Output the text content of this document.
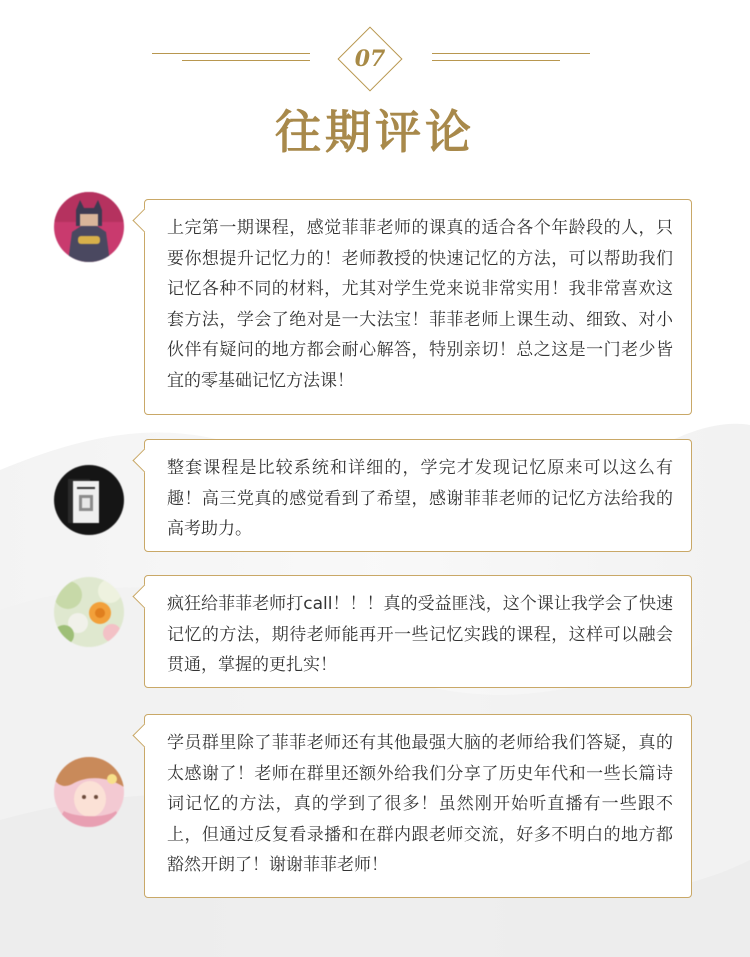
07
往期评论
上完第一期课程，感觉菲菲老师的课真的适合各个年龄段的人，只要你想提升记忆力的！老师教授的快速记忆的方法，可以帮助我们记忆各种不同的材料，尤其对学生党来说非常实用！我非常喜欢这套方法，学会了绝对是一大法宝！菲菲老师上课生动、细致、对小伙伴有疑问的地方都会耐心解答，特别亲切！总之这是一门老少皆宜的零基础记忆方法课！
整套课程是比较系统和详细的，学完才发现记忆原来可以这么有趣！高三党真的感觉看到了希望，感谢菲菲老师的记忆方法给我的高考助力。
疯狂给菲菲老师打call！！！真的受益匪浅，这个课让我学会了快速记忆的方法，期待老师能再开一些记忆实践的课程，这样可以融会贯通，掌握的更扎实！
学员群里除了菲菲老师还有其他最强大脑的老师给我们答疑，真的太感谢了！老师在群里还额外给我们分享了历史年代和一些长篇诗词记忆的方法，真的学到了很多！虽然刚开始听直播有一些跟不上，但通过反复看录播和在群内跟老师交流，好多不明白的地方都豁然开朗了！谢谢菲菲老师！
